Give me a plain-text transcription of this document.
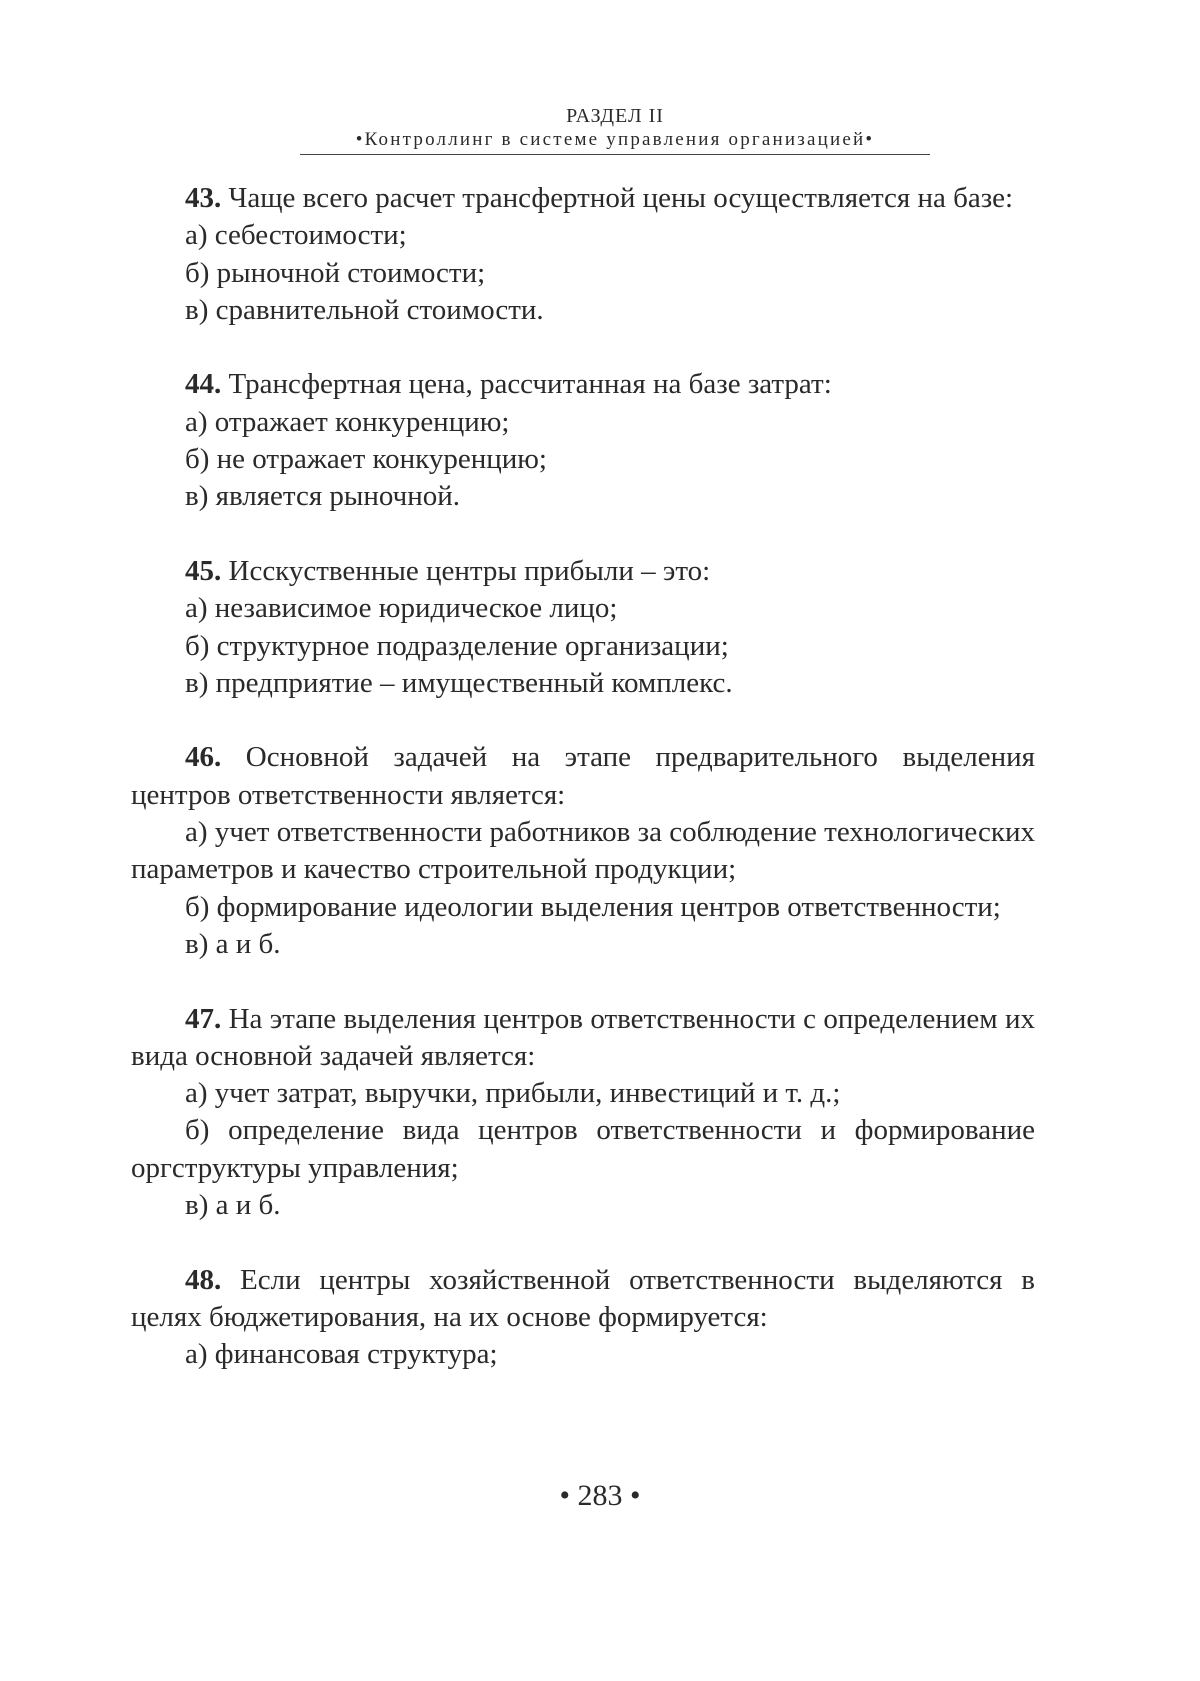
РАЗДЕЛ II
•Контроллинг в системе управления организацией•

43. Чаще всего расчет трансфертной цены осуществляется на базе:

а) себестоимости;

б) рыночной стоимости;

в) сравнительной стоимости.

44. Трансфертная цена, рассчитанная на базе затрат:

а) отражает конкуренцию;

б) не отражает конкуренцию;

в) является рыночной.

45. Исскуственные центры прибыли – это:

а) независимое юридическое лицо;

б) структурное подразделение организации;

в) предприятие – имущественный комплекс.

46. Основной задачей на этапе предварительного выделения центров ответственности является:

а) учет ответственности работников за соблюдение технологических параметров и качество строительной продукции;

б) формирование идеологии выделения центров ответственности;

в) а и б.

47. На этапе выделения центров ответственности с определением их вида основной задачей является:

а) учет затрат, выручки, прибыли, инвестиций и т. д.;

б) определение вида центров ответственности и формирование оргструктуры управления;

в) а и б.

48. Если центры хозяйственной ответственности выделяются в целях бюджетирования, на их основе формируется:

а) финансовая структура;

• 283 •
